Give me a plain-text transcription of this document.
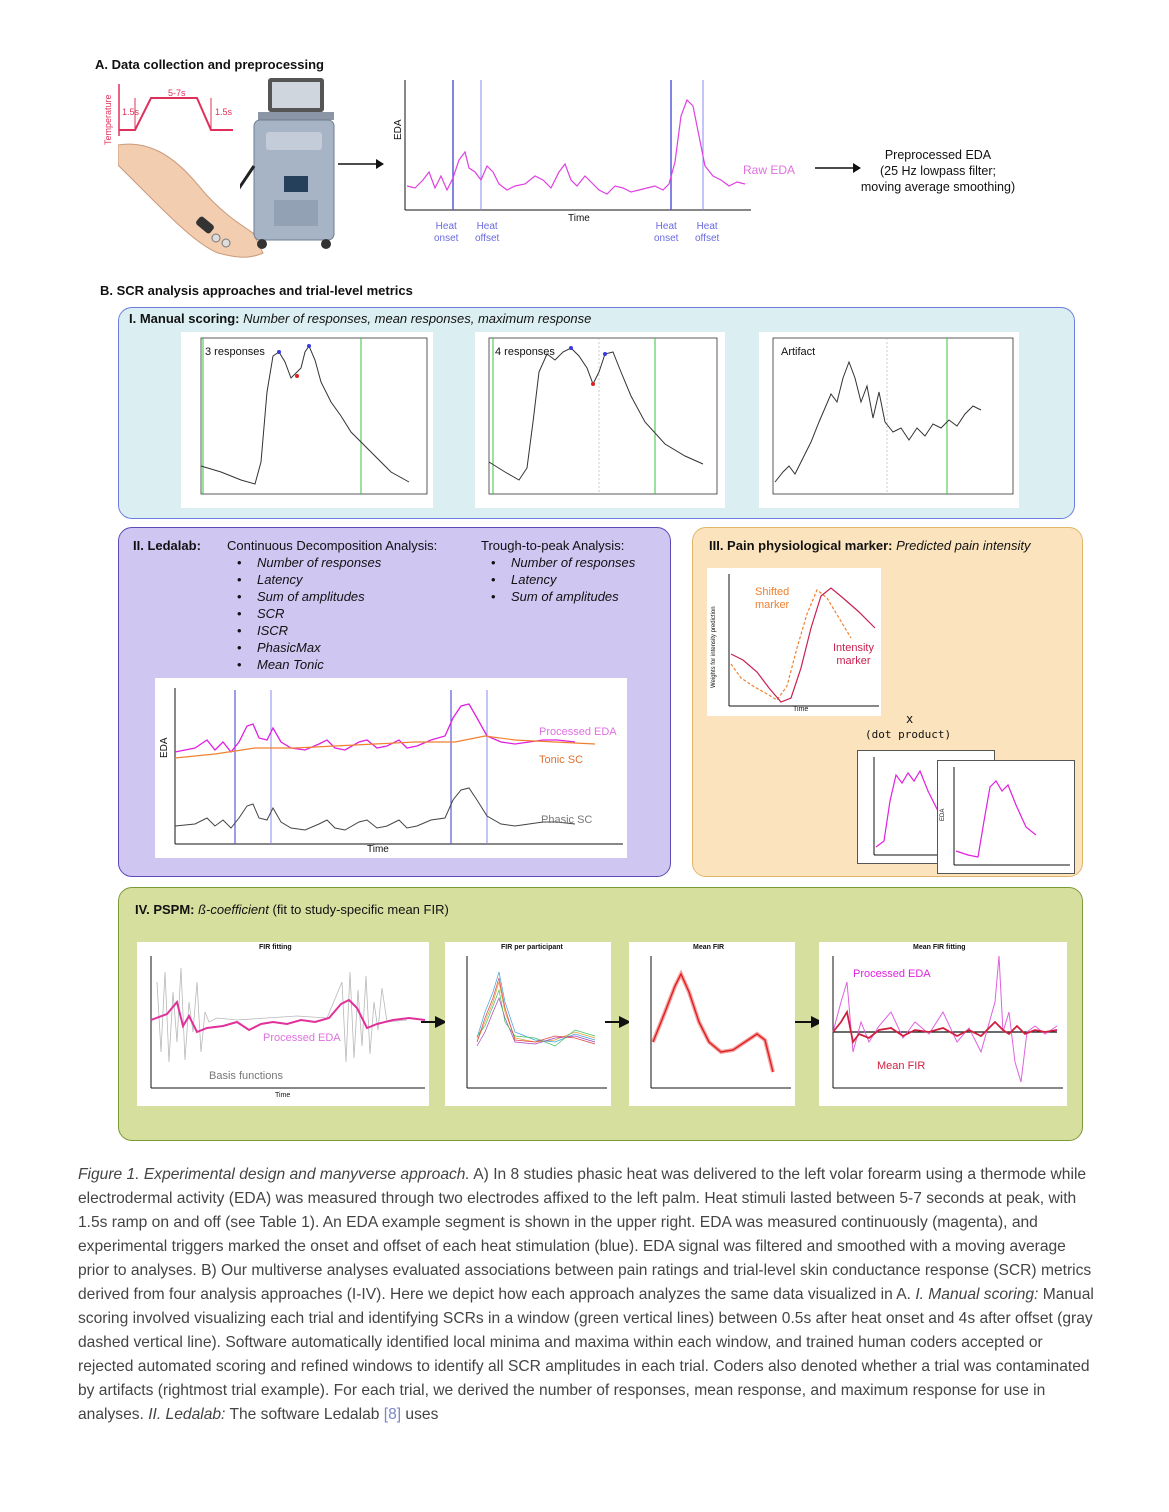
A. Data collection and preprocessing
Temperature 1.5s
5-7s
1.5s
EDA
Time
Raw EDA
Heat
onset
Heat
offset
Heat
onset
Heat
offset
Preprocessed EDA
(25 Hz lowpass filter;
moving average smoothing)
B. SCR analysis approaches and trial-level metrics
I. Manual scoring: Number of responses, mean responses, maximum response
3 responses	4 responses	Artifact
II. Ledalab: Continuous Decomposition Analysis:
• Number of responses
• Latency
• Sum of amplitudes
• SCR
• ISCR
• PhasicMax
• Mean Tonic
Trough-to-peak Analysis:
• Number of responses
• Latency
• Sum of amplitudes
EDA
Time
Processed EDA
Tonic SC
Phasic SC
III. Pain physiological marker: Predicted pain intensity
Weights for intensity prediction
Time
Shifted
marker
Intensity
marker
x
(dot product)
EDA
IV. PSPM: ß-coefficient (fit to study-specific mean FIR)
FIR fitting
Processed EDA
Basis functions
Time
FIR per participant	Mean FIR	Mean FIR fitting
Processed EDA
Mean FIR

Figure 1. Experimental design and manyverse approach. A) In 8 studies phasic heat was delivered to the left volar forearm using a thermode while electrodermal activity (EDA) was measured through two electrodes affixed to the left palm. Heat stimuli lasted between 5-7 seconds at peak, with 1.5s ramp on and off (see Table 1). An EDA example segment is shown in the upper right. EDA was measured continuously (magenta), and experimental triggers marked the onset and offset of each heat stimulation (blue). EDA signal was filtered and smoothed with a moving average prior to analyses. B) Our multiverse analyses evaluated associations between pain ratings and trial-level skin conductance response (SCR) metrics derived from four analysis approaches (I-IV). Here we depict how each approach analyzes the same data visualized in A. I. Manual scoring: Manual scoring involved visualizing each trial and identifying SCRs in a window (green vertical lines) between 0.5s after heat onset and 4s after offset (gray dashed vertical line). Software automatically identified local minima and maxima within each window, and trained human coders accepted or rejected automated scoring and refined windows to identify all SCR amplitudes in each trial. Coders also denoted whether a trial was contaminated by artifacts (rightmost trial example). For each trial, we derived the number of responses, mean response, and maximum response for use in analyses. II. Ledalab: The software Ledalab [8] uses
